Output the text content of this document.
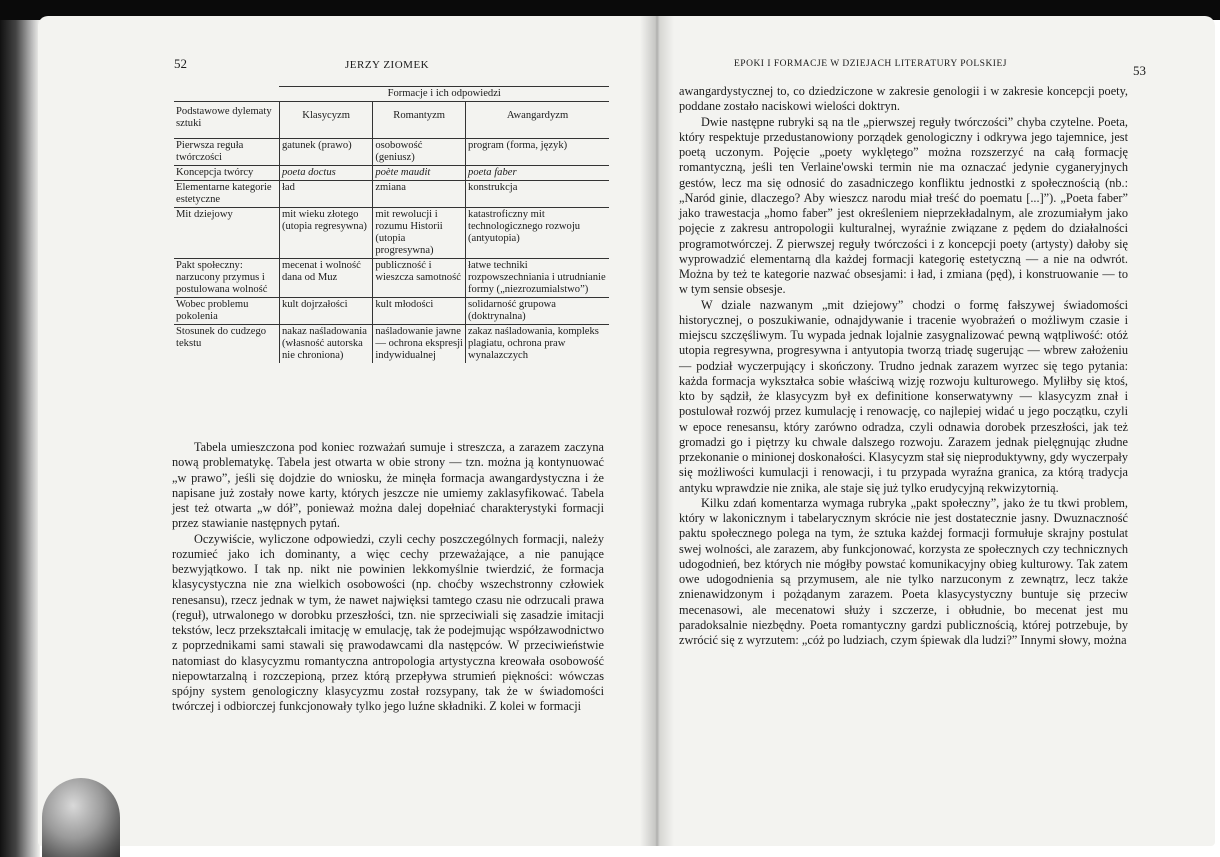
52	JERZY ZIOMEK
	Formacje i ich odpowiedzi		
Podstawowe dylematy sztuki	Klasycyzm	Romantyzm	Awangardyzm
Pierwsza reguła twórczości	gatunek (prawo)	osobowość (geniusz)	program (forma, język)
Koncepcja twórcy	poeta doctus	poète maudit	poeta faber
Elementarne kategorie estetyczne	ład	zmiana	konstrukcja
Mit dziejowy	mit wieku złotego (utopia regresywna)	mit rewolucji i rozumu Historii (utopia progresywna)	katastroficzny mit technologicznego rozwoju (antyutopia)
Pakt społeczny: narzucony przymus i postulowana wolność	mecenat i wolność dana od Muz	publiczność i wieszcza samotność	łatwe techniki rozpowszechniania i utrudnianie formy („niezrozumialstwo”)
Wobec problemu pokolenia	kult dojrzałości	kult młodości	solidarność grupowa (doktrynalna)
Stosunek do cudzego tekstu	nakaz naśladowania (własność autorska nie chroniona)	naśladowanie jawne — ochrona ekspresji indywidualnej	zakaz naśladowania, kompleks plagiatu, ochrona praw wynalazczych

Tabela umieszczona pod koniec rozważań sumuje i streszcza, a zarazem zaczyna nową problematykę. Tabela jest otwarta w obie strony — tzn. można ją kontynuować „w prawo”, jeśli się dojdzie do wniosku, że minęła formacja awangardystyczna i że napisane już zostały nowe karty, których jeszcze nie umiemy zaklasyfikować. Tabela jest też otwarta „w dół”, ponieważ można dalej dopełniać charakterystyki formacji przez stawianie następnych pytań.

Oczywiście, wyliczone odpowiedzi, czyli cechy poszczególnych formacji, należy rozumieć jako ich dominanty, a więc cechy przeważające, a nie panujące bezwyjątkowo. I tak np. nikt nie powinien lekkomyślnie twierdzić, że formacja klasycystyczna nie zna wielkich osobowości (np. choćby wszechstronny człowiek renesansu), rzecz jednak w tym, że nawet najwięksi tamtego czasu nie odrzucali prawa (reguł), utrwalonego w dorobku przeszłości, tzn. nie sprzeciwiali się zasadzie imitacji tekstów, lecz przekształcali imitację w emulację, tak że podejmując współzawodnictwo z poprzednikami sami stawali się prawodawcami dla następców. W przeciwieństwie natomiast do klasycyzmu romantyczna antropologia artystyczna kreowała osobowość niepowtarzalną i rozczepioną, przez którą przepływa strumień piękności: wówczas spójny system genologiczny klasycyzmu został rozsypany, tak że w świadomości twórczej i odbiorczej funkcjonowały tylko jego luźne składniki. Z kolei w formacji

EPOKI I FORMACJE W DZIEJACH LITERATURY POLSKIEJ	53

awangardystycznej to, co dziedziczone w zakresie genologii i w zakresie koncepcji poety, poddane zostało naciskowi wielości doktryn.

Dwie następne rubryki są na tle „pierwszej reguły twórczości” chyba czytelne. Poeta, który respektuje przedustanowiony porządek genologiczny i odkrywa jego tajemnice, jest poetą uczonym. Pojęcie „poety wyklętego” można rozszerzyć na całą formację romantyczną, jeśli ten Verlaine'owski termin nie ma oznaczać jedynie cyganeryjnych gestów, lecz ma się odnosić do zasadniczego konfliktu jednostki z społecznością (nb.: „Naród ginie, dlaczego? Aby wieszcz narodu miał treść do poematu [...]”). „Poeta faber” jako trawestacja „homo faber” jest określeniem nieprzekładalnym, ale zrozumiałym jako pojęcie z zakresu antropologii kulturalnej, wyraźnie związane z pędem do działalności programotwórczej. Z pierwszej reguły twórczości i z koncepcji poety (artysty) dałoby się wyprowadzić elementarną dla każdej formacji kategorię estetyczną — a nie na odwrót. Można by też te kategorie nazwać obsesjami: i ład, i zmiana (pęd), i konstruowanie — to w tym sensie obsesje.

W dziale nazwanym „mit dziejowy” chodzi o formę fałszywej świadomości historycznej, o poszukiwanie, odnajdywanie i tracenie wyobrażeń o możliwym czasie i miejscu szczęśliwym. Tu wypada jednak lojalnie zasygnalizować pewną wątpliwość: otóż utopia regresywna, progresywna i antyutopia tworzą triadę sugerując — wbrew założeniu — podział wyczerpujący i skończony. Trudno jednak zarazem wyrzec się tego pytania: każda formacja wykształca sobie właściwą wizję rozwoju kulturowego. Myliłby się ktoś, kto by sądził, że klasycyzm był ex definitione konserwatywny — klasycyzm znał i postulował rozwój przez kumulację i renowację, co najlepiej widać u jego początku, czyli w epoce renesansu, który zarówno odradza, czyli odnawia dorobek przeszłości, jak też gromadzi go i piętrzy ku chwale dalszego rozwoju. Zarazem jednak pielęgnując złudne przekonanie o minionej doskonałości. Klasycyzm stał się nieproduktywny, gdy wyczerpały się możliwości kumulacji i renowacji, i tu przypada wyraźna granica, za którą tradycja antyku wprawdzie nie znika, ale staje się już tylko erudycyjną rekwizytornią.

Kilku zdań komentarza wymaga rubryka „pakt społeczny”, jako że tu tkwi problem, który w lakonicznym i tabelarycznym skrócie nie jest dostatecznie jasny. Dwuznaczność paktu społecznego polega na tym, że sztuka każdej formacji formułuje skrajny postulat swej wolności, ale zarazem, aby funkcjonować, korzysta ze społecznych czy technicznych udogodnień, bez których nie mógłby powstać komunikacyjny obieg kulturowy. Tak zatem owe udogodnienia są przymusem, ale nie tylko narzuconym z zewnątrz, lecz także znienawidzonym i pożądanym zarazem. Poeta klasycystyczny buntuje się przeciw mecenasowi, ale mecenatowi służy i szczerze, i obłudnie, bo mecenat jest mu paradoksalnie niezbędny. Poeta romantyczny gardzi publicznością, której potrzebuje, by zwrócić się z wyrzutem: „cóż po ludziach, czym śpiewak dla ludzi?” Innymi słowy, można
